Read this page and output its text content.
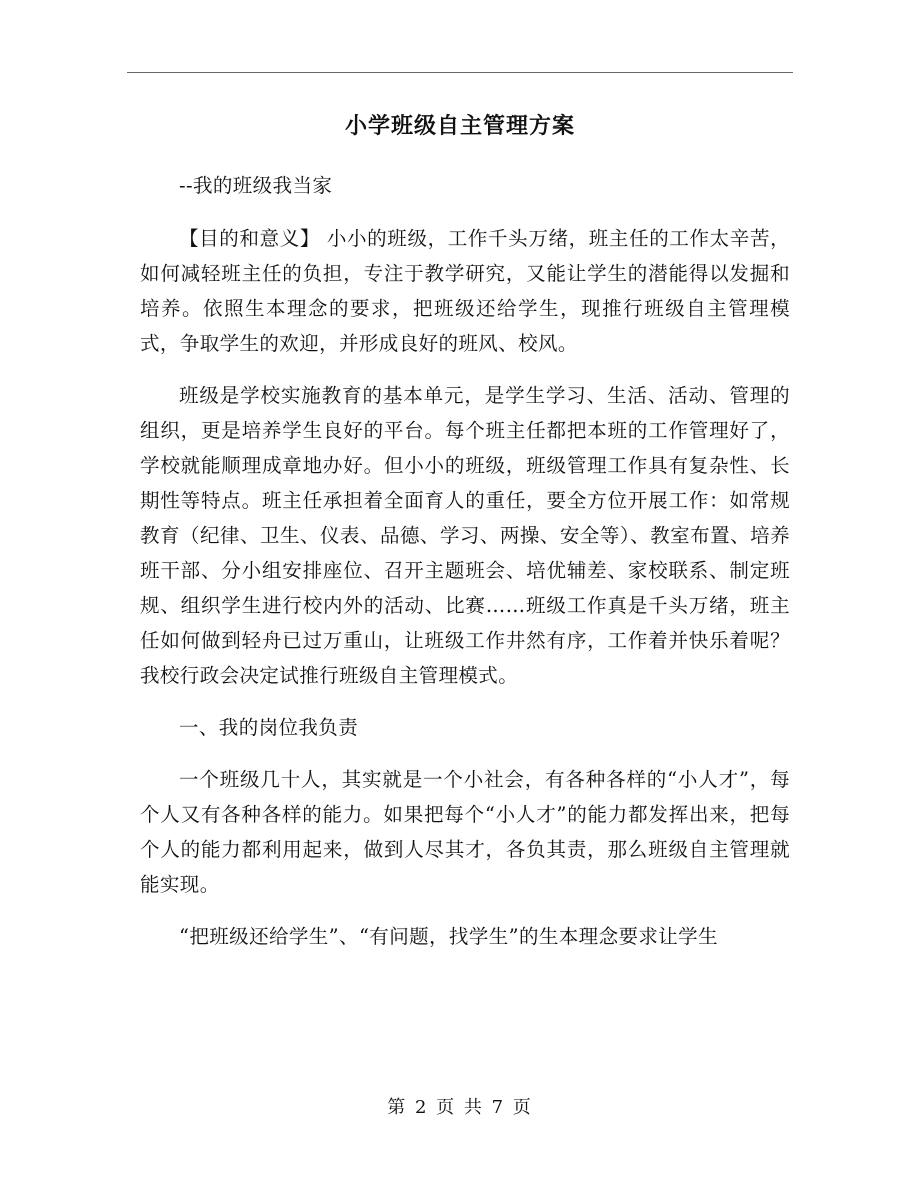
小学班级自主管理方案

--我的班级我当家

【目的和意义】 小小的班级，工作千头万绪，班主任的工作太辛苦，如何减轻班主任的负担，专注于教学研究，又能让学生的潜能得以发掘和培养。依照生本理念的要求，把班级还给学生，现推行班级自主管理模式，争取学生的欢迎，并形成良好的班风、校风。

班级是学校实施教育的基本单元，是学生学习、生活、活动、管理的组织，更是培养学生良好的平台。每个班主任都把本班的工作管理好了，学校就能顺理成章地办好。但小小的班级，班级管理工作具有复杂性、长期性等特点。班主任承担着全面育人的重任，要全方位开展工作：如常规教育（纪律、卫生、仪表、品德、学习、两操、安全等）、教室布置、培养班干部、分小组安排座位、召开主题班会、培优辅差、家校联系、制定班规、组织学生进行校内外的活动、比赛……班级工作真是千头万绪，班主任如何做到轻舟已过万重山，让班级工作井然有序，工作着并快乐着呢？我校行政会决定试推行班级自主管理模式。

一、我的岗位我负责

一个班级几十人，其实就是一个小社会，有各种各样的“小人才”，每个人又有各种各样的能力。如果把每个“小人才”的能力都发挥出来，把每个人的能力都利用起来，做到人尽其才，各负其责，那么班级自主管理就能实现。

“把班级还给学生”、“有问题，找学生”的生本理念要求让学生

第 2 页 共 7 页
